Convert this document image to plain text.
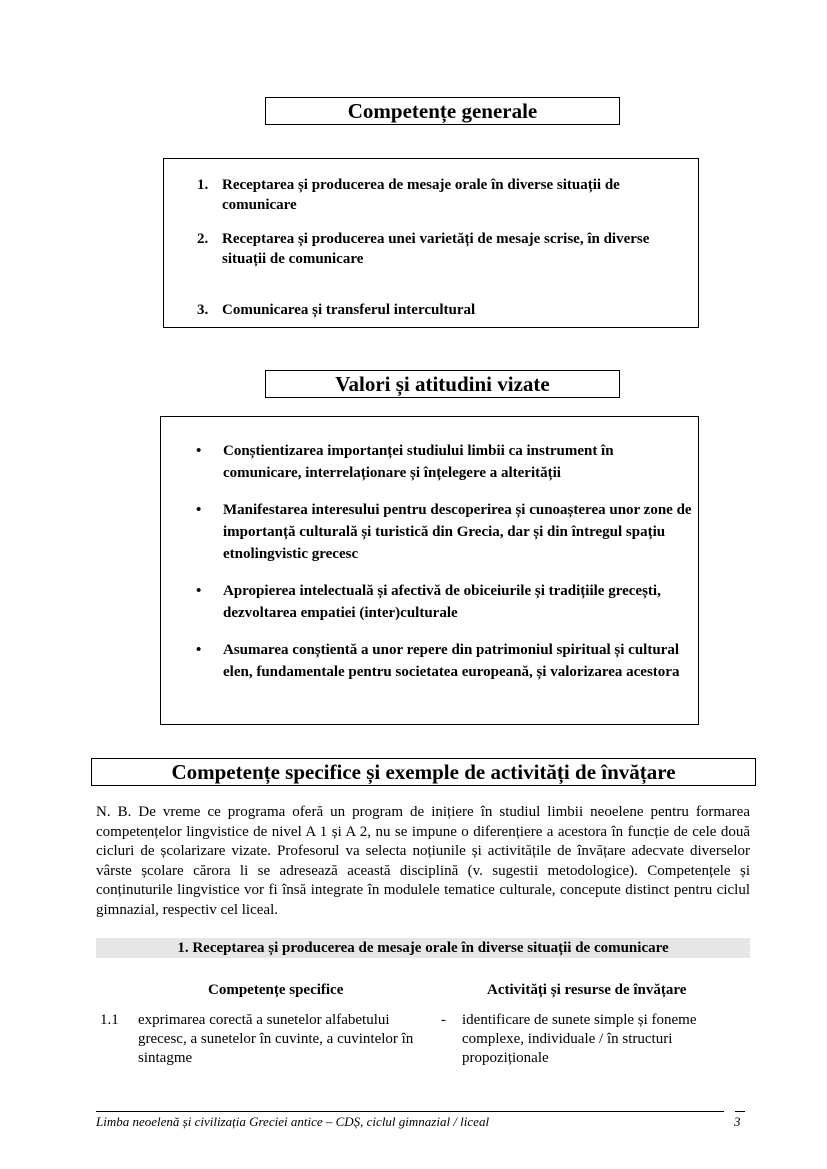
Competențe generale
1. Receptarea și producerea de mesaje orale în diverse situații de comunicare
2. Receptarea și producerea unei varietăți de mesaje scrise, în diverse situații de comunicare
3. Comunicarea și transferul intercultural
Valori și atitudini vizate
• Conștientizarea importanței studiului limbii ca instrument în comunicare, interrelaționare și înțelegere a alterității
• Manifestarea interesului pentru descoperirea și cunoașterea unor zone de importanță culturală și turistică din Grecia, dar și din întregul spațiu etnolingvistic grecesc
• Apropierea intelectuală și afectivă de obiceiurile și tradițiile grecești, dezvoltarea empatiei (inter)culturale
• Asumarea conștientă a unor repere din patrimoniul spiritual și cultural elen, fundamentale pentru societatea europeană, și valorizarea acestora
Competențe specifice și exemple de activități de învățare
N. B. De vreme ce programa oferă un program de inițiere în studiul limbii neoelene pentru formarea competențelor lingvistice de nivel A 1 și A 2, nu se impune o diferențiere a acestora în funcție de cele două cicluri de școlarizare vizate. Profesorul va selecta noțiunile și activitățile de învățare adecvate diverselor vârste școlare cărora li se adresează această disciplină (v. sugestii metodologice). Competențele și conținuturile lingvistice vor fi însă integrate în modulele tematice culturale, concepute distinct pentru ciclul gimnazial, respectiv cel liceal.
1. Receptarea și producerea de mesaje orale în diverse situații de comunicare
Competențe specifice	Activități și resurse de învățare
1.1 exprimarea corectă a sunetelor alfabetului grecesc, a sunetelor în cuvinte, a cuvintelor în sintagme
- identificare de sunete simple și foneme complexe, individuale / în structuri propoziționale
Limba neoelenă și civilizația Greciei antice – CDȘ, ciclul gimnazial / liceal	3
